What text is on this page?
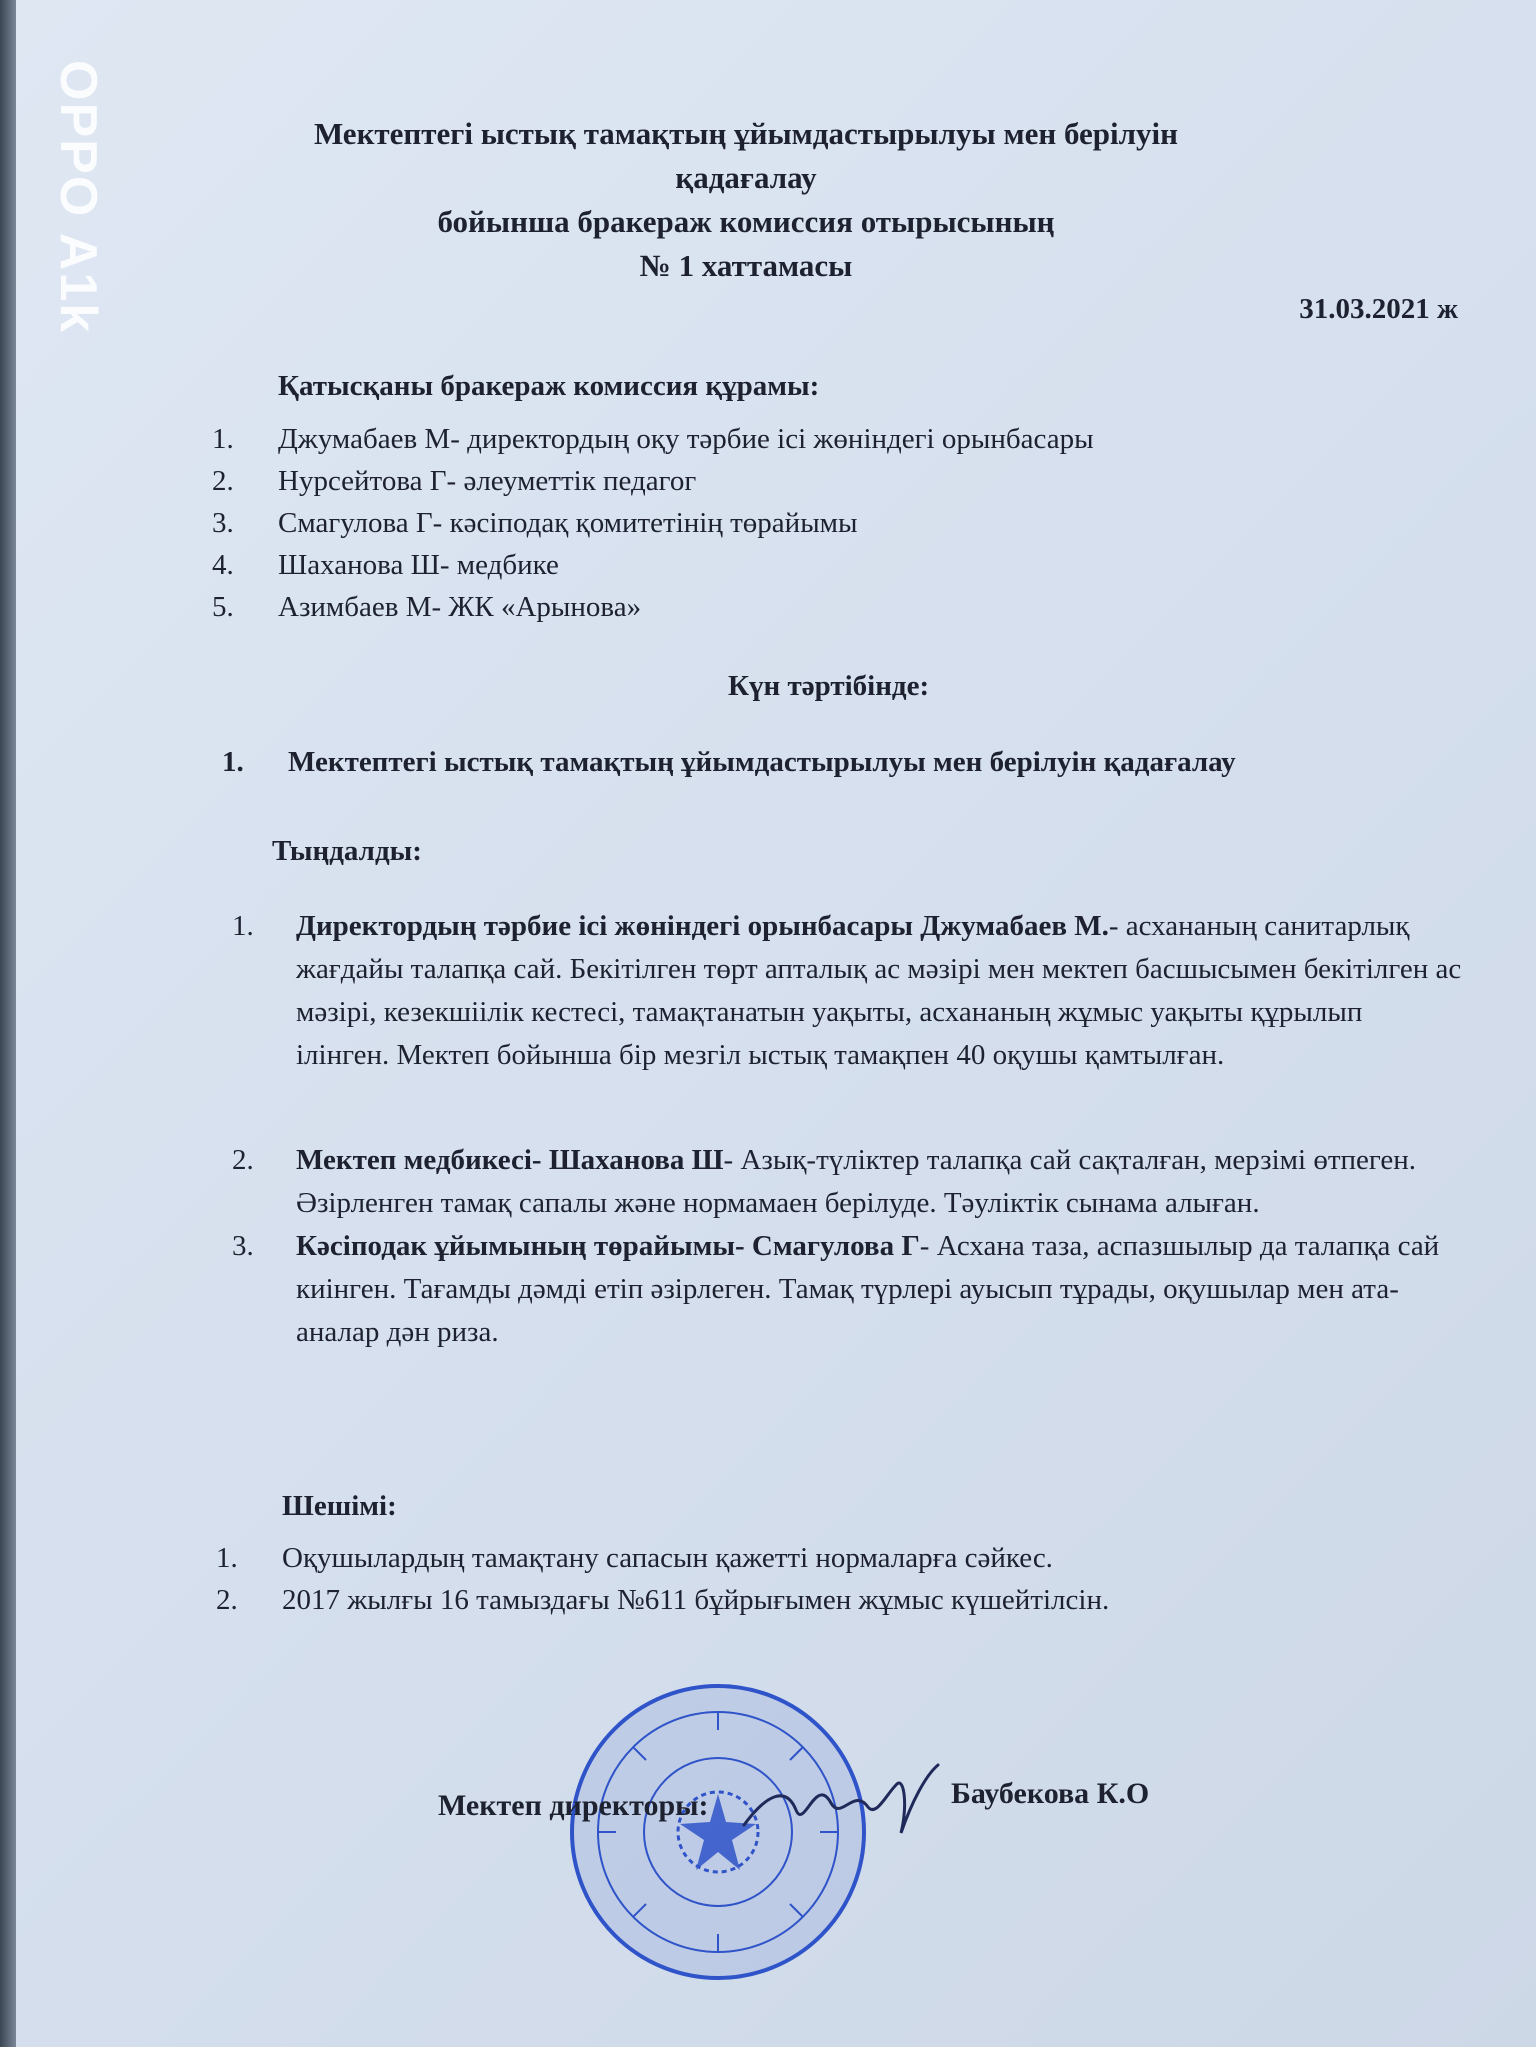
Мектептегі ыстық тамақтың ұйымдастырылуы мен берілуін қадағалау
бойынша бракераж комиссия отырысының
№ 1 хаттамасы
31.03.2021 ж
Қатысқаны бракераж комиссия құрамы:
1. Джумабаев М- директордың оқу тәрбие ісі жөніндегі орынбасары
2. Нурсейтова Г- әлеуметтік педагог
3. Смагулова Г- кәсіподақ қомитетінің төрайымы
4. Шаханова Ш- медбике
5. Азимбаев М- ЖК «Арынова»
Күн тәртібінде:
1. Мектептегі ыстық тамақтың ұйымдастырылуы мен берілуін қадағалау
Тыңдалды:
1. Директордың тәрбие ісі жөніндегі орынбасары Джумабаев М.- асхананың санитарлық жағдайы талапқа сай. Бекітілген төрт апталық ас мәзірі мен мектеп басшысымен бекітілген ас мәзірі, кезекшіілік кестесі, тамақтанатын уақыты, асхананың жұмыс уақыты құрылып ілінген. Мектеп бойынша бір мезгіл ыстық тамақпен 40 оқушы қамтылған.
2. Мектеп медбикесі- Шаханова Ш- Азық-түліктер талапқа сай сақталған, мерзімі өтпеген. Әзірленген тамақ сапалы және нормамаен берілуде. Тәуліктік сынама алыған.
3. Кәсіподак ұйымының төрайымы- Смагулова Г- Асхана таза, аспазшылыр да талапқа сай киінген. Тағамды дәмді етіп әзірлеген. Тамақ түрлері ауысып тұрады, оқушылар мен ата-аналар дән риза.
Шешімі:
1. Оқушылардың тамақтану сапасын қажетті нормаларға сәйкес.
2. 2017 жылғы 16 тамыздағы №611 бұйрығымен жұмыс күшейтілсін.
Мектеп директоры:	Баубекова К.О
OPPO A1k
